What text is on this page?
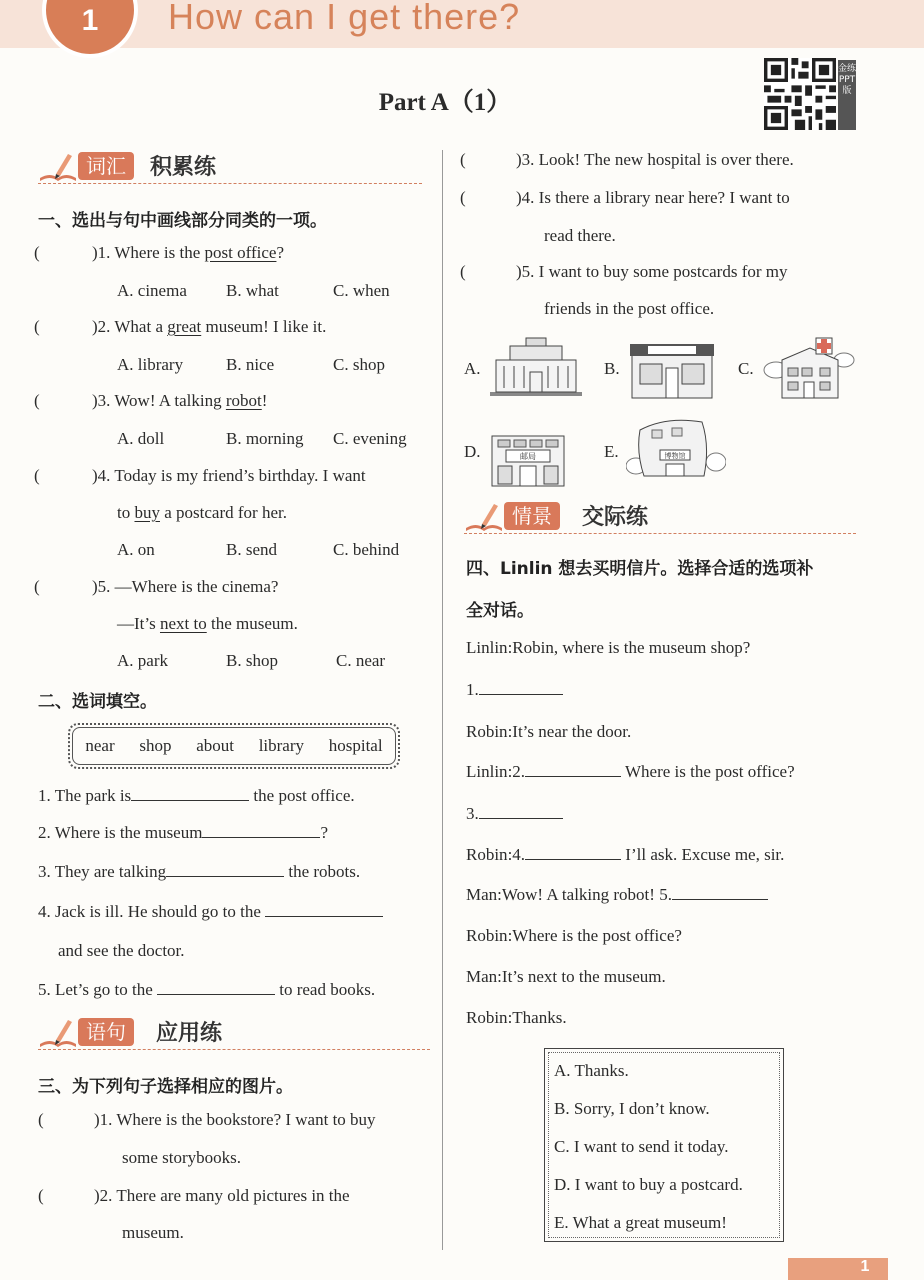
1	How can I get there?
Part A（1）
金练PPT版
词汇	积累练
一、选出与句中画线部分同类的一项。
(	)1. Where is the post office?
A. cinema B. what	C. when
(	)2. What a great museum! I like it.
A. library	B. nice	C. shop
(	)3. Wow! A talking robot!
A. doll	B. morning C. evening
(	)4. Today is my friend’s birthday. I want
to buy a postcard for her.
A. on	B. send	C. behind
(	)5. —Where is the cinema?
—It’s next to the museum.
A. park	B. shop	C. near
二、选词填空。
near shop about library hospital
1. The park is	the post office.
2. Where is the museum	?
3. They are talking	the robots.
4. Jack is ill. He should go to the
and see the doctor.
5. Let’s go to the	to read books.
语句	应用练
三、为下列句子选择相应的图片。
(	)1. Where is the bookstore? I want to buy
some storybooks.
(	)2. There are many old pictures in the
museum.
(	)3. Look! The new hospital is over there.
(	)4. Is there a library near here? I want to
read there.
(	)5. I want to buy some postcards for my
friends in the post office.
A.	B.	C.
D.	邮局	E.	博物馆
情景	交际练
四、Linlin 想去买明信片。选择合适的选项补
全对话。
Linlin:Robin, where is the museum shop?
1.
Robin:It’s near the door.
Linlin:2.	Where is the post office?
3.
Robin:4.	I’ll ask. Excuse me, sir.
Man:Wow! A talking robot! 5.
Robin:Where is the post office?
Man:It’s next to the museum.
Robin:Thanks.
A. Thanks.
B. Sorry, I don’t know.
C. I want to send it today.
D. I want to buy a postcard.
E. What a great museum!
1
